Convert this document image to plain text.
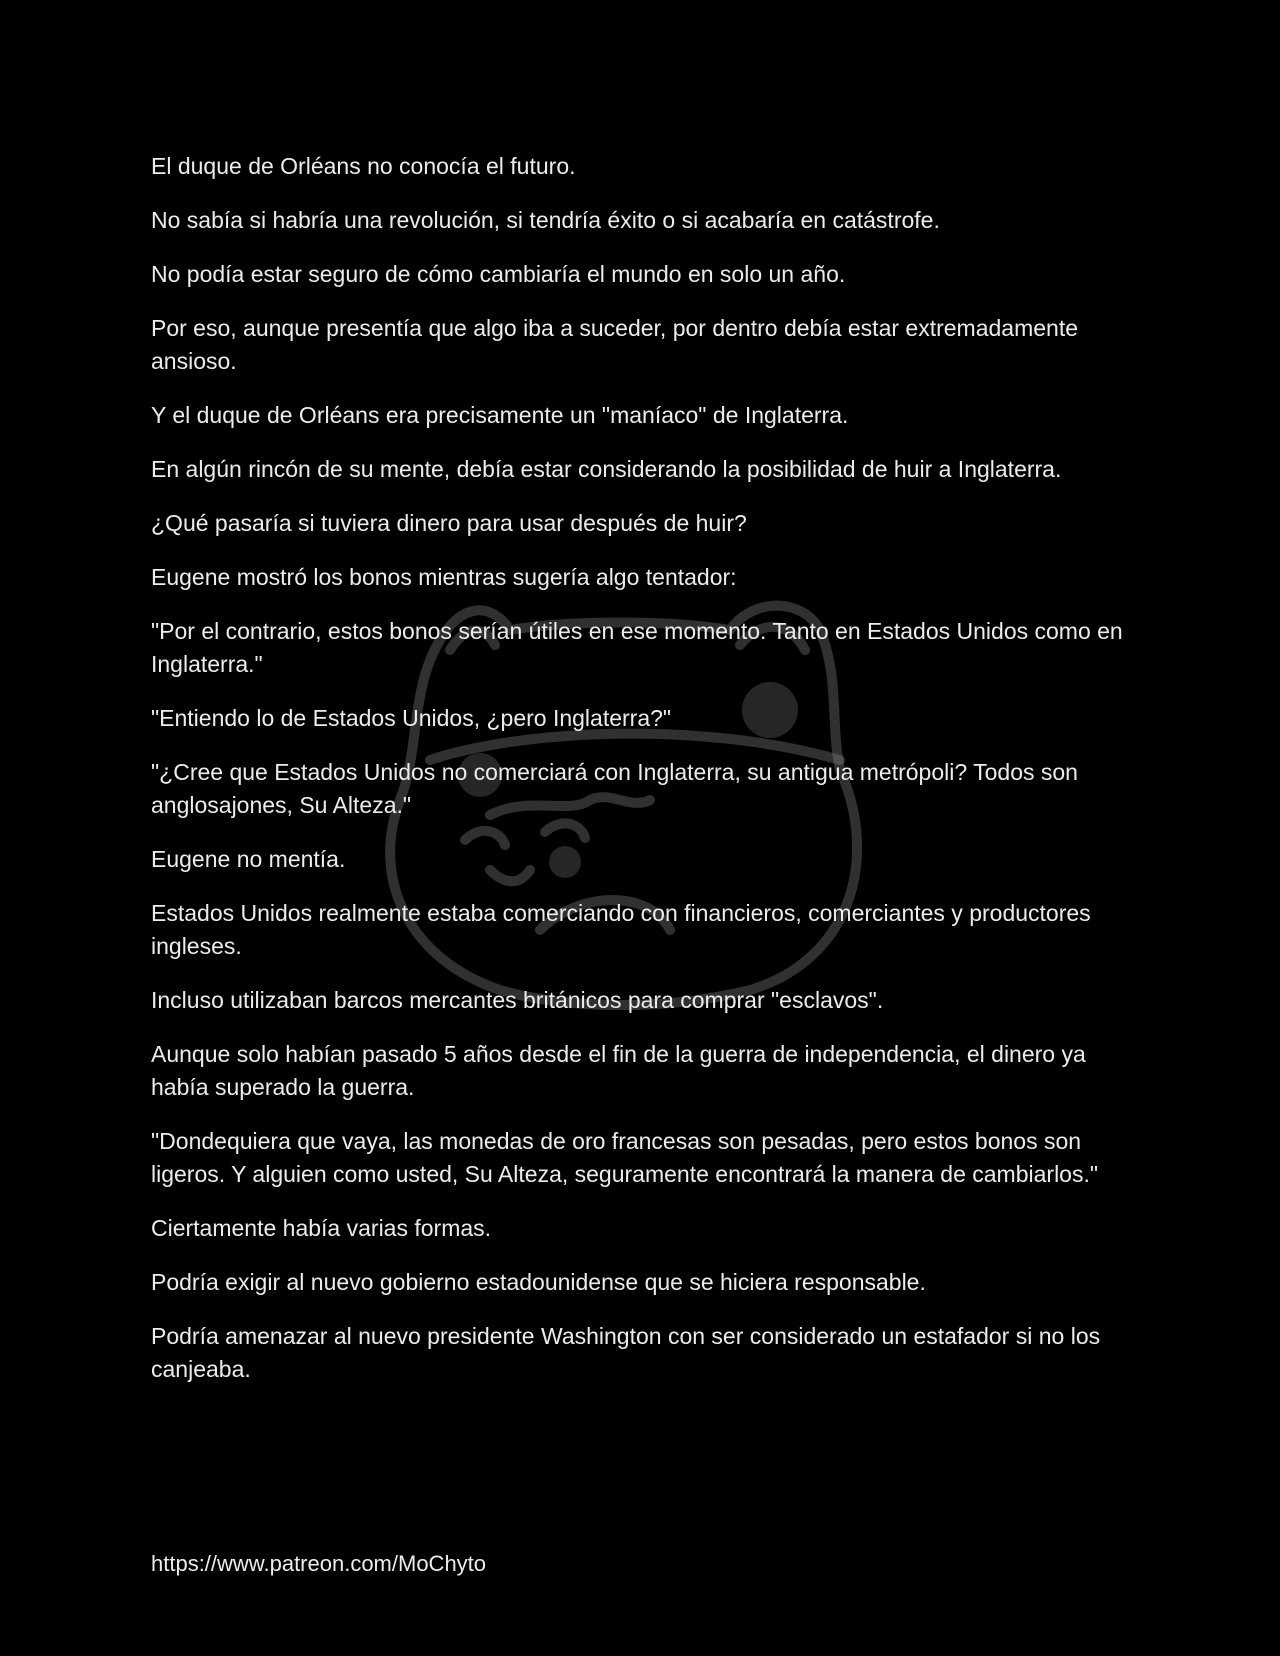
El duque de Orléans no conocía el futuro.

No sabía si habría una revolución, si tendría éxito o si acabaría en catástrofe.

No podía estar seguro de cómo cambiaría el mundo en solo un año.

Por eso, aunque presentía que algo iba a suceder, por dentro debía estar extremadamente ansioso.

Y el duque de Orléans era precisamente un "maníaco" de Inglaterra.

En algún rincón de su mente, debía estar considerando la posibilidad de huir a Inglaterra.

¿Qué pasaría si tuviera dinero para usar después de huir?

Eugene mostró los bonos mientras sugería algo tentador:

"Por el contrario, estos bonos serían útiles en ese momento. Tanto en Estados Unidos como en Inglaterra."

"Entiendo lo de Estados Unidos, ¿pero Inglaterra?"

"¿Cree que Estados Unidos no comerciará con Inglaterra, su antigua metrópoli? Todos son anglosajones, Su Alteza."

Eugene no mentía.

Estados Unidos realmente estaba comerciando con financieros, comerciantes y productores ingleses.

Incluso utilizaban barcos mercantes británicos para comprar "esclavos".

Aunque solo habían pasado 5 años desde el fin de la guerra de independencia, el dinero ya había superado la guerra.

"Dondequiera que vaya, las monedas de oro francesas son pesadas, pero estos bonos son ligeros. Y alguien como usted, Su Alteza, seguramente encontrará la manera de cambiarlos."

Ciertamente había varias formas.

Podría exigir al nuevo gobierno estadounidense que se hiciera responsable.

Podría amenazar al nuevo presidente Washington con ser considerado un estafador si no los canjeaba.

https://www.patreon.com/MoChyto
